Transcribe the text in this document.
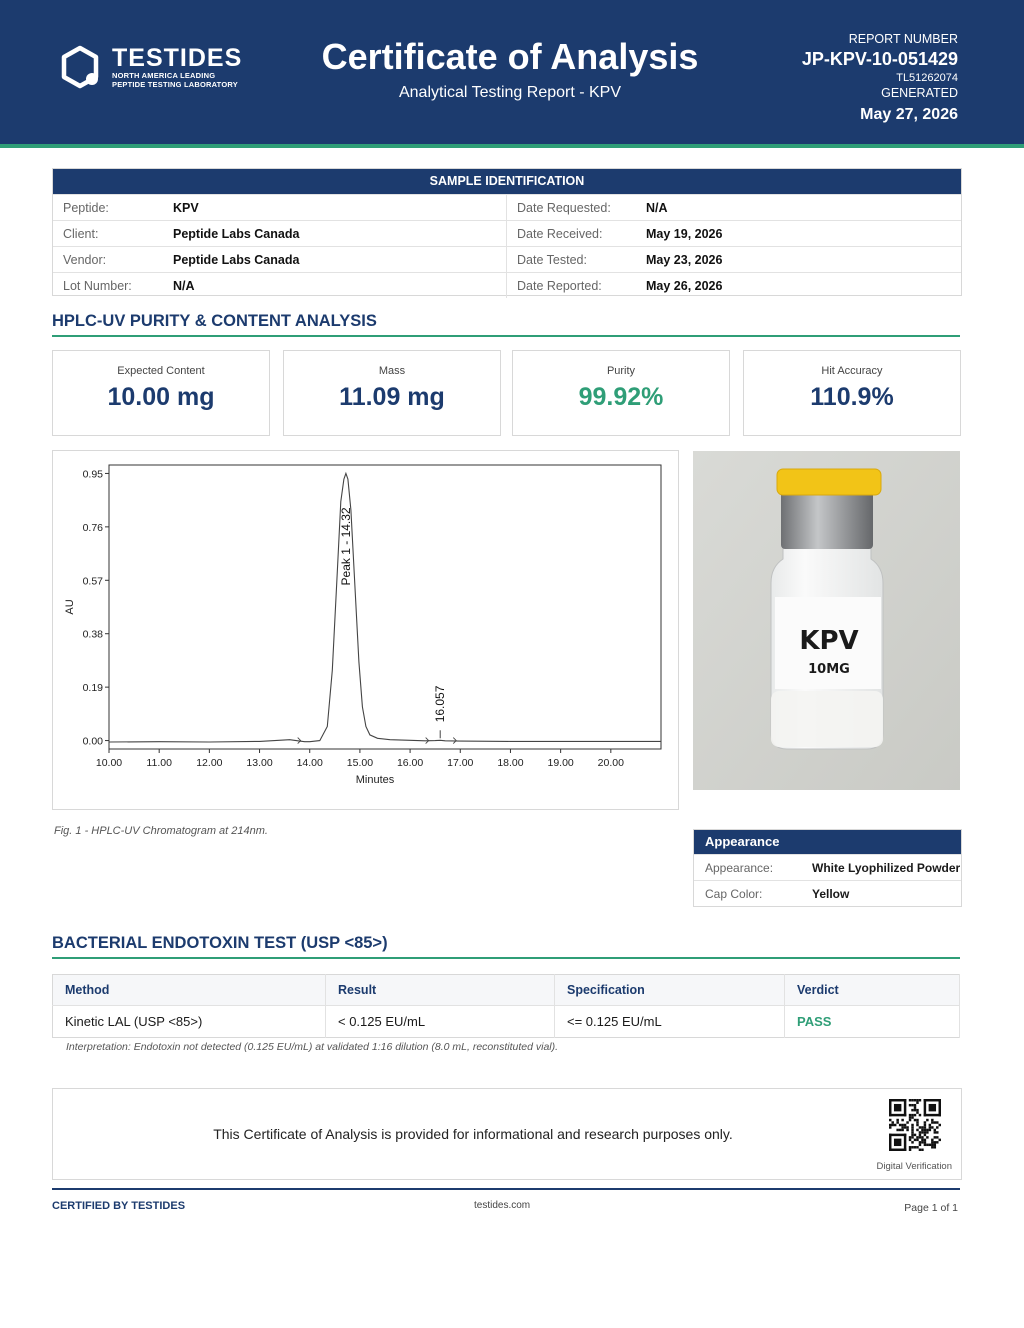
TESTIDES
NORTH AMERICA LEADING
PEPTIDE TESTING LABORATORY
Certificate of Analysis
Analytical Testing Report - KPV
REPORT NUMBER
JP-KPV-10-051429
TL51262074
GENERATED
May 27, 2026
SAMPLE IDENTIFICATION
Peptide:	KPV	Date Requested:	N/A
Client:	Peptide Labs Canada	Date Received:	May 19, 2026
Vendor:	Peptide Labs Canada	Date Tested:	May 23, 2026
Lot Number:	N/A	Date Reported:	May 26, 2026
HPLC-UV PURITY & CONTENT ANALYSIS
Expected Content
10.00 mg
Mass
11.09 mg
Purity
99.92%
Hit Accuracy
110.9%
0.00
0.19
0.38
0.57
0.76
0.95
10.00 11.00 12.00 13.00 14.00 15.00 16.00 17.00 18.00 19.00 20.00
Minutes
AU
Peak 1 - 14.32
16.057
KPV
10MG
Fig. 1 - HPLC-UV Chromatogram at 214nm.
Appearance
Appearance:	White Lyophilized Powder
Cap Color:	Yellow
BACTERIAL ENDOTOXIN TEST (USP <85>)
Method	Result	Specification	Verdict
Kinetic LAL (USP <85>)	< 0.125 EU/mL	<= 0.125 EU/mL	PASS
Interpretation: Endotoxin not detected (0.125 EU/mL) at validated 1:16 dilution (8.0 mL, reconstituted vial).
This Certificate of Analysis is provided for informational and research purposes only.
Digital Verification
CERTIFIED BY TESTIDES	testides.com	Page 1 of 1
